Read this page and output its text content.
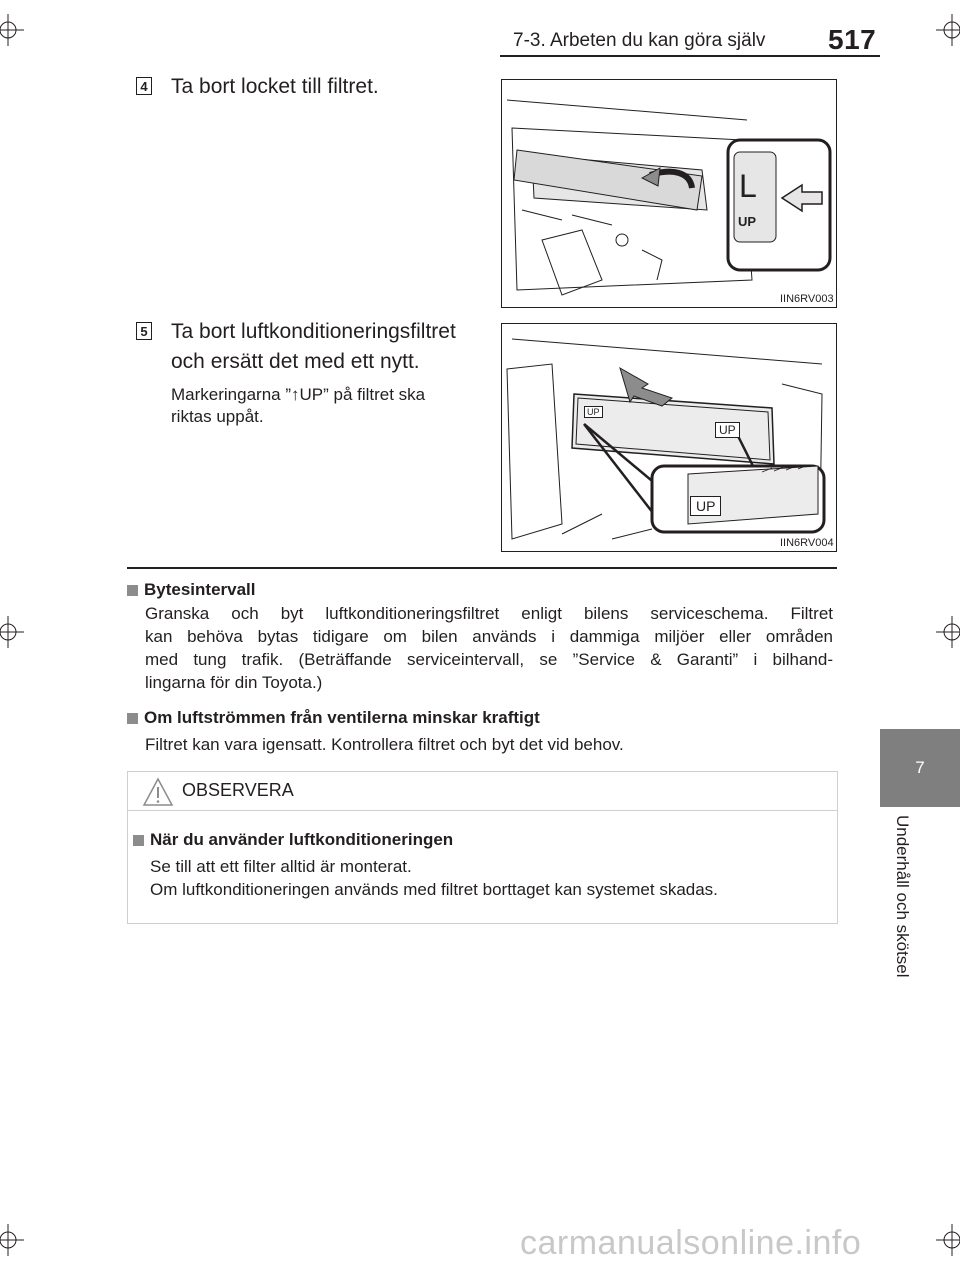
7-3. Arbeten du kan göra själv 517
7
Underhåll och skötsel
4 Ta bort locket till filtret.
L
UP
IIN6RV003
5 Ta bort luftkonditioneringsfiltret
och ersätt det med ett nytt.
Markeringarna ”↑UP” på filtret ska
riktas uppåt.	UP
UP
UP
IIN6RV004
Bytesintervall
Granska och byt luftkonditioneringsfiltret enligt bilens serviceschema. Filtret
kan behöva bytas tidigare om bilen används i dammiga miljöer eller områden
med tung trafik. (Beträffande serviceintervall, se ”Service & Garanti” i bilhand-
lingarna för din Toyota.)
Om luftströmmen från ventilerna minskar kraftigt
Filtret kan vara igensatt. Kontrollera filtret och byt det vid behov.
OBSERVERA
När du använder luftkonditioneringen
Se till att ett filter alltid är monterat.
Om luftkonditioneringen används med filtret borttaget kan systemet skadas.
carmanualsonline.info
